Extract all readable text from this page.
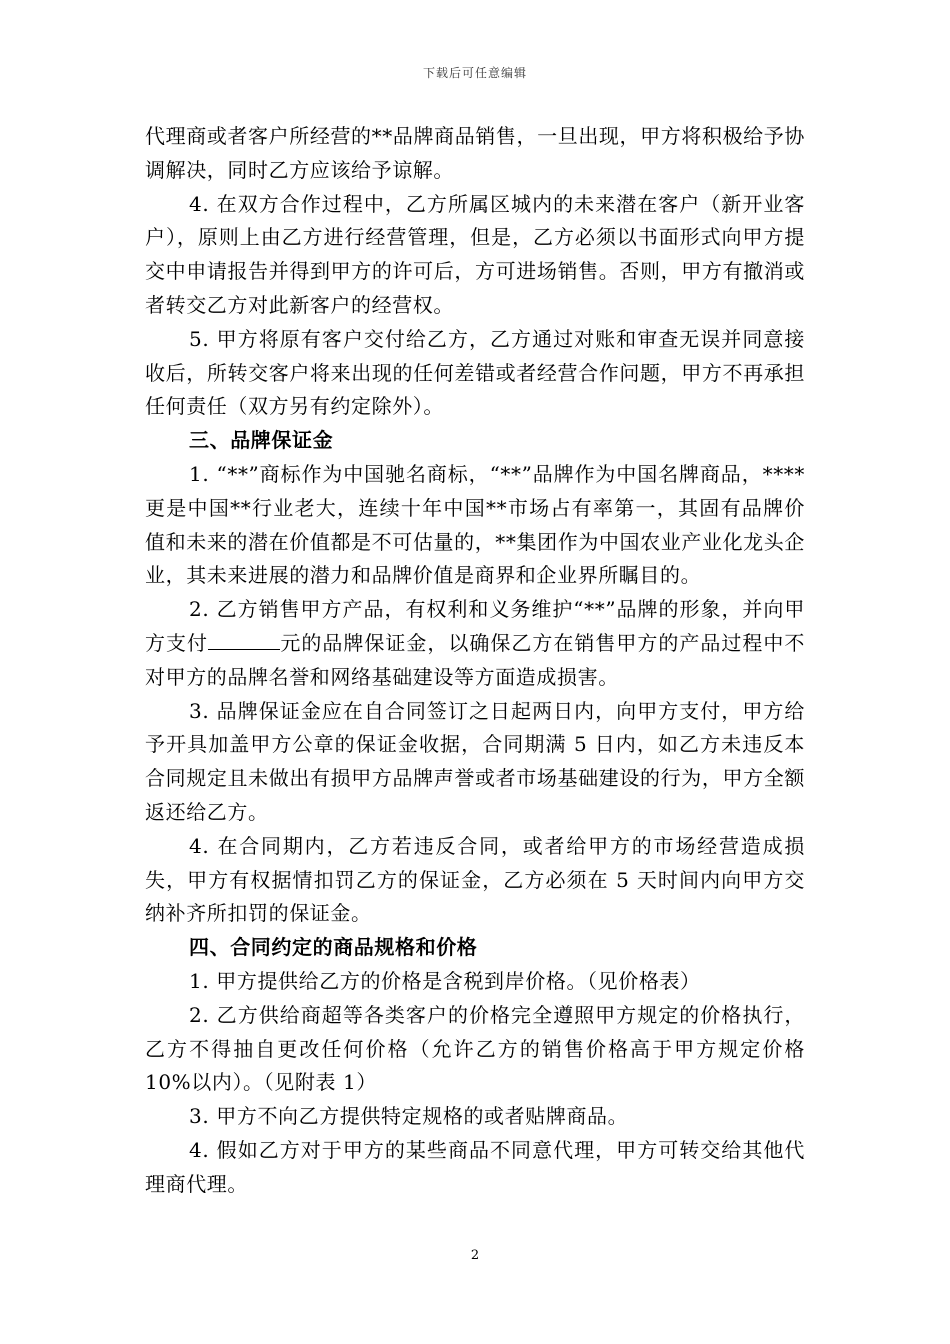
下载后可任意编辑

代理商或者客户所经营的**品牌商品销售，一旦出现，甲方将积极给予协调解决，同时乙方应该给予谅解。

4. 在双方合作过程中，乙方所属区城内的未来潜在客户（新开业客户），原则上由乙方进行经营管理，但是，乙方必须以书面形式向甲方提交中申请报告并得到甲方的许可后，方可进场销售。否则，甲方有撤消或者转交乙方对此新客户的经营权。

5. 甲方将原有客户交付给乙方，乙方通过对账和审查无误并同意接收后，所转交客户将来出现的任何差错或者经营合作问题，甲方不再承担任何责任（双方另有约定除外）。

三、品牌保证金

1. “**”商标作为中国驰名商标，“**”品牌作为中国名牌商品，****更是中国**行业老大，连续十年中国**市场占有率第一，其固有品牌价值和未来的潜在价值都是不可估量的，**集团作为中国农业产业化龙头企业，其未来进展的潜力和品牌价值是商界和企业界所瞩目的。

2. 乙方销售甲方产品，有权利和义务维护“**”品牌的形象，并向甲方支付	元的品牌保证金，以确保乙方在销售甲方的产品过程中不对甲方的品牌名誉和网络基础建设等方面造成损害。

3. 品牌保证金应在自合同签订之日起两日内，向甲方支付，甲方给予开具加盖甲方公章的保证金收据，合同期满 5 日内，如乙方未违反本合同规定且未做出有损甲方品牌声誉或者市场基础建设的行为，甲方全额返还给乙方。

4. 在合同期内，乙方若违反合同，或者给甲方的市场经营造成损失，甲方有权据情扣罚乙方的保证金，乙方必须在 5 天时间内向甲方交纳补齐所扣罚的保证金。

四、合同约定的商品规格和价格

1. 甲方提供给乙方的价格是含税到岸价格。（见价格表）

2. 乙方供给商超等各类客户的价格完全遵照甲方规定的价格执行，乙方不得抽自更改任何价格（允许乙方的销售价格高于甲方规定价格 10%以内）。（见附表 1）

3. 甲方不向乙方提供特定规格的或者贴牌商品。

4. 假如乙方对于甲方的某些商品不同意代理，甲方可转交给其他代理商代理。

2
